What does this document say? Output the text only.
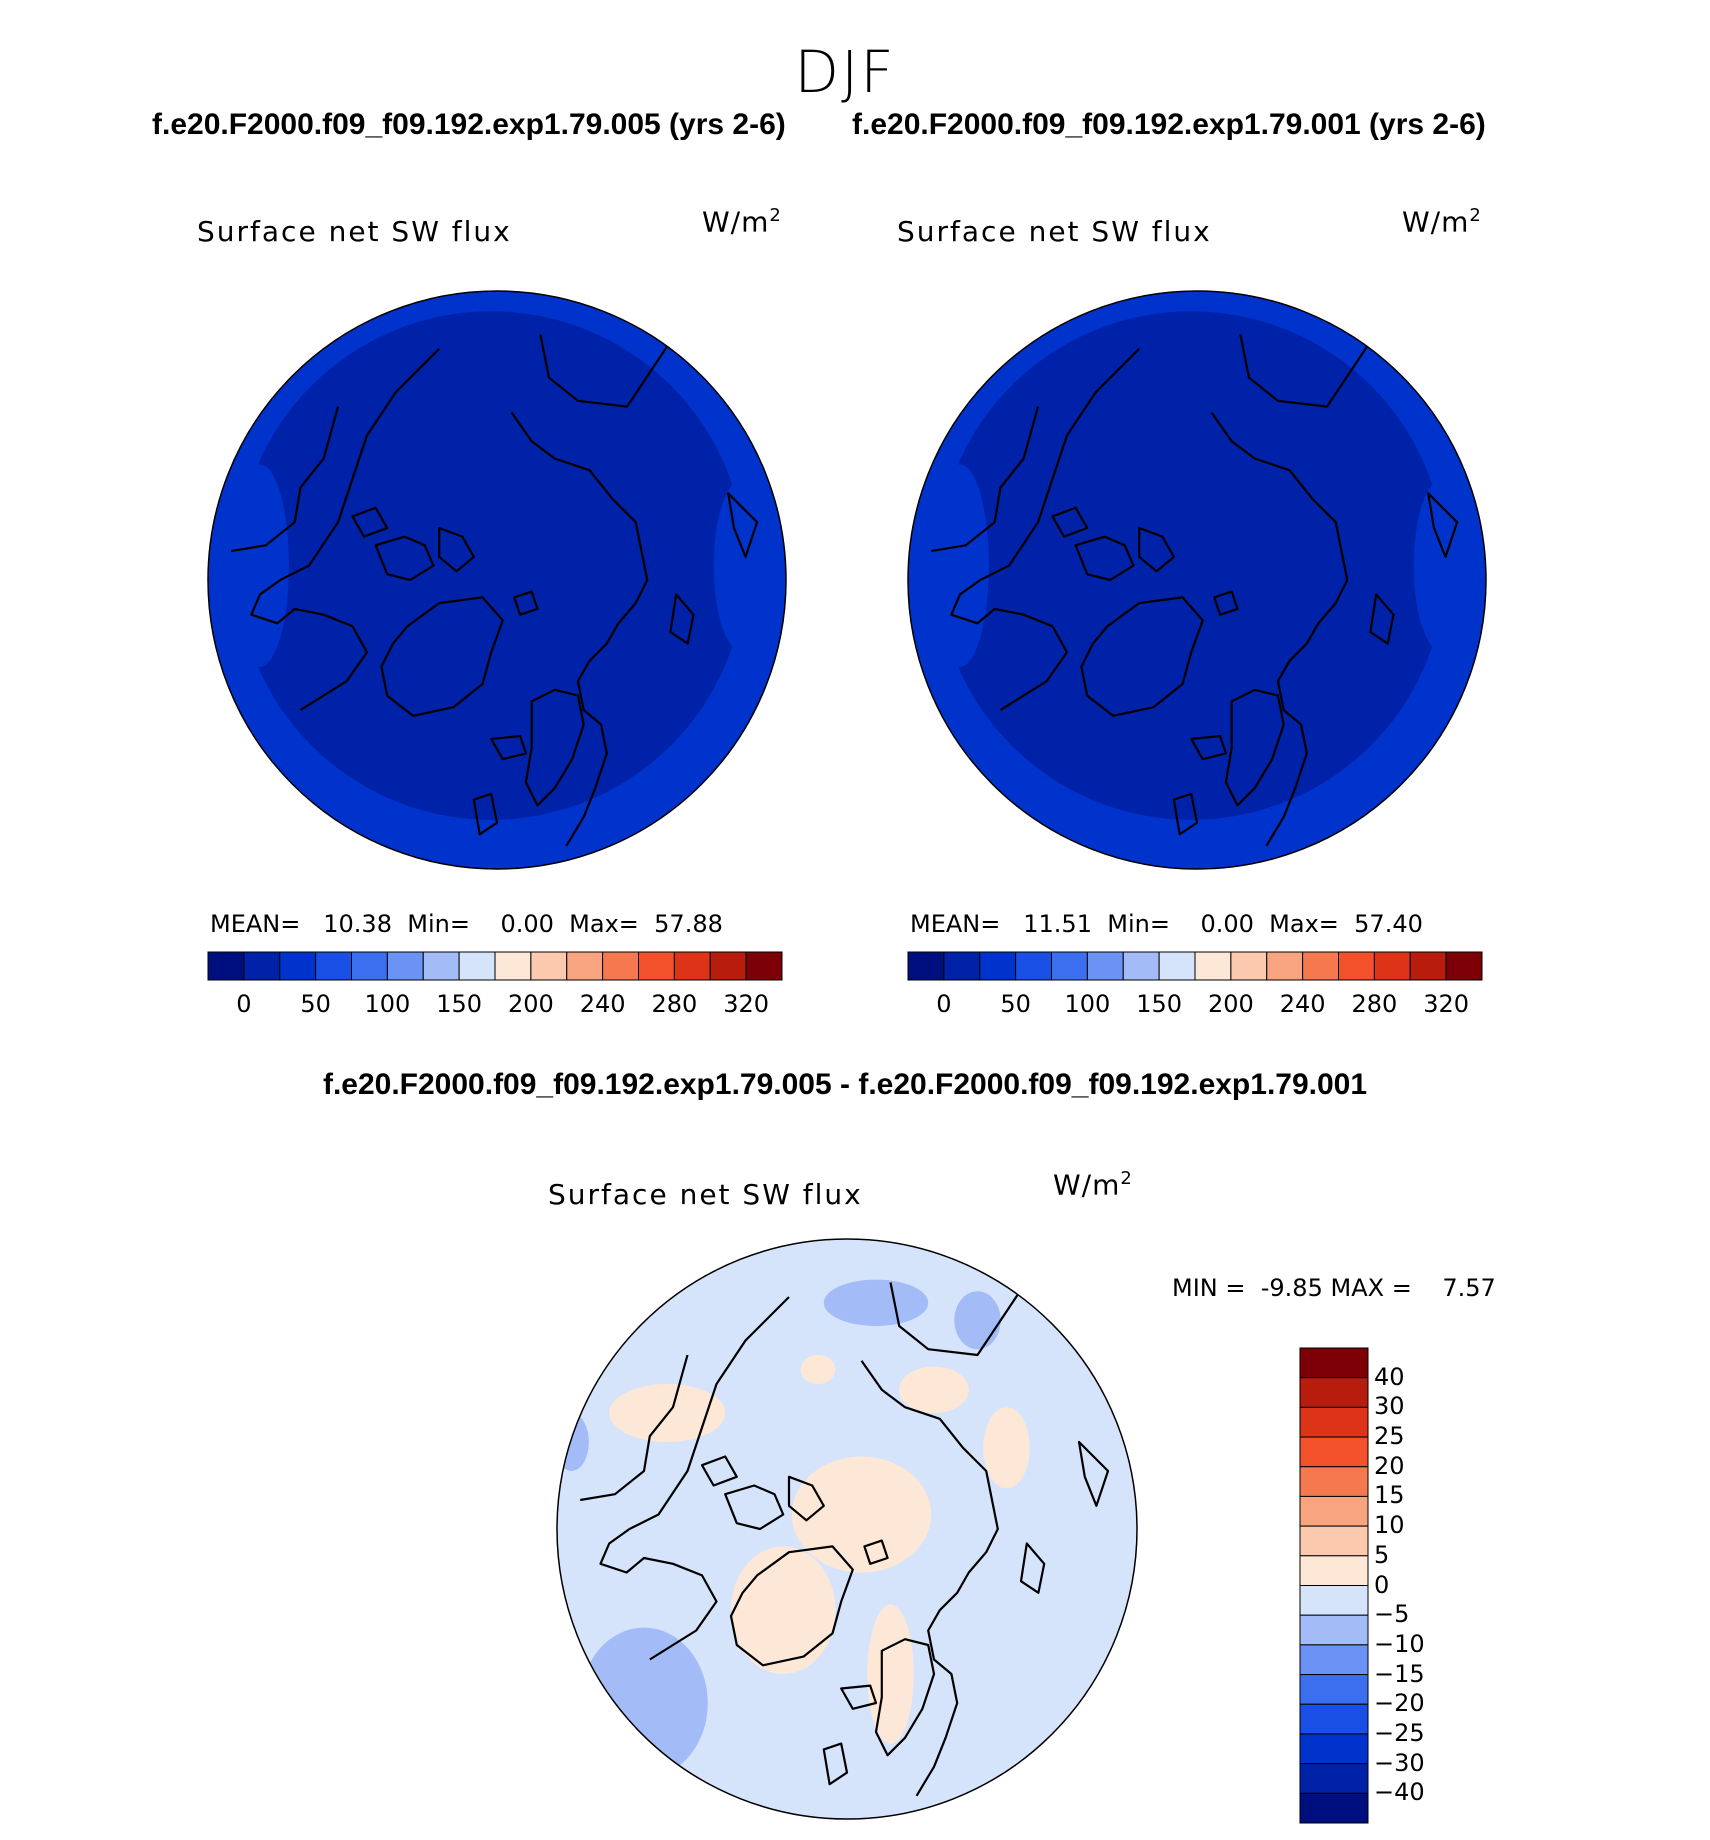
DJF
f.e20.F2000.f09_f09.192.exp1.79.005 (yrs 2-6) f.e20.F2000.f09_f09.192.exp1.79.001 (yrs 2-6)
f.e20.F2000.f09_f09.192.exp1.79.005 - f.e20.F2000.f09_f09.192.exp1.79.001
Surface net SW flux	$W/m^2$
MEAN= 10.38 Min= 0.00 Max= 57.88
0	50	100	150	200	240	280	320
Surface net SW flux	$W/m^2$
MEAN= 11.51 Min= 0.00 Max= 57.40
0	50	100	150	200	240	280	320
Surface net SW flux	$W/m^2$
MIN = -9.85 MAX = 7.57
40
30
25
20
15
10
5
0
−5
−10
−15
−20
−25
−30
−40
